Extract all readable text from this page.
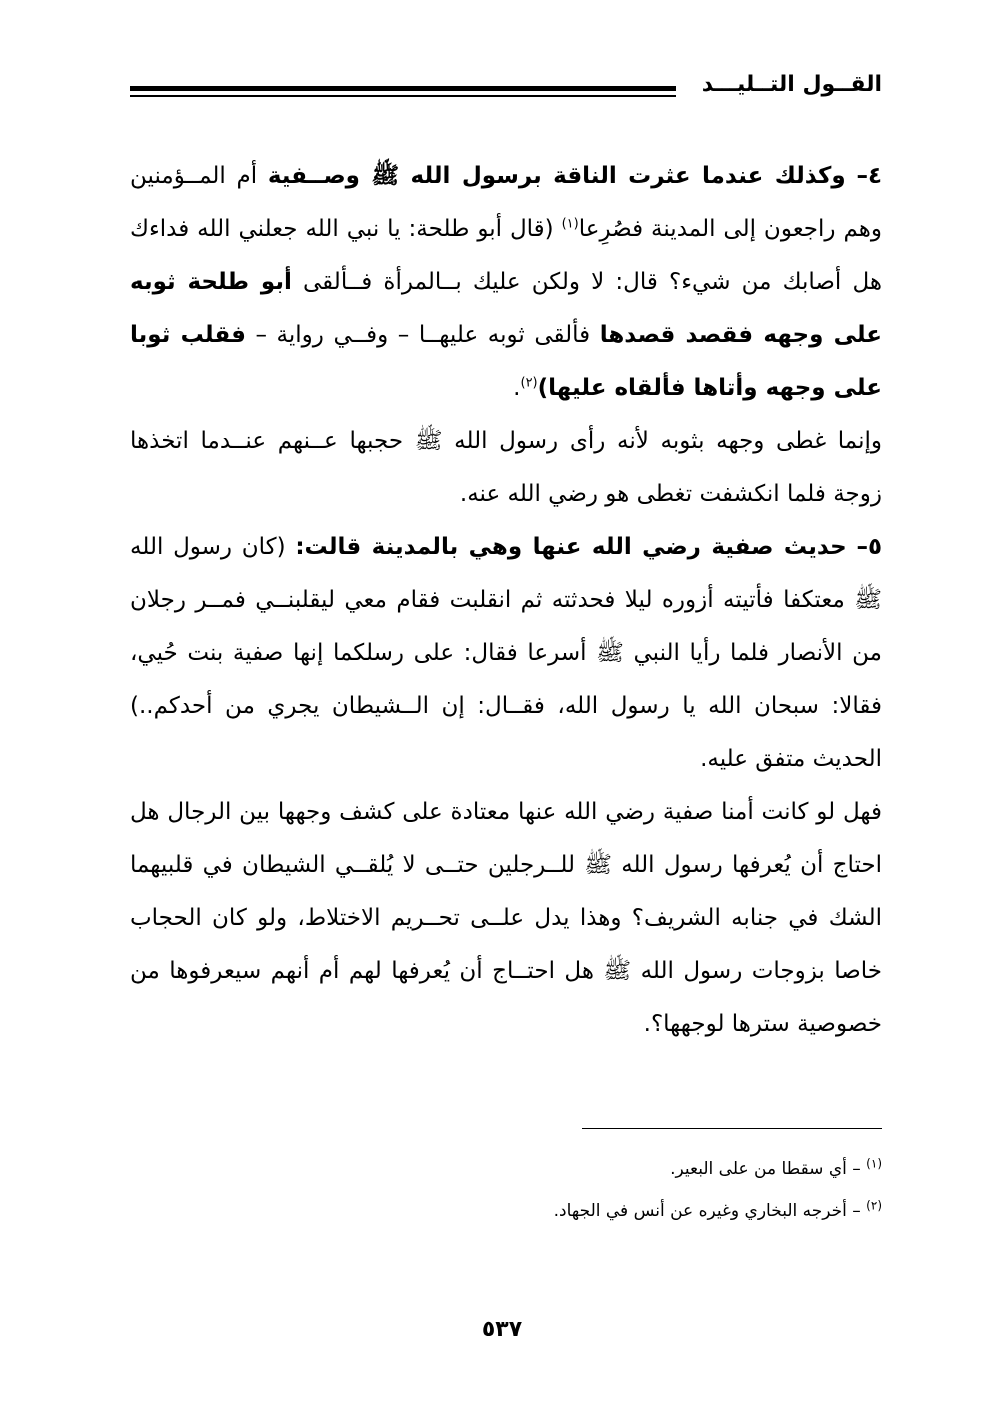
القــول التــليـــد

٤– وكذلك عندما عثرت الناقة برسول الله ﷺ وصــفية أم المــؤمنين وهم راجعون إلى المدينة فصُرِعا$^{(١)}$ (قال أبو طلحة: يا نبي الله جعلني الله فداءك هل أصابك من شيء؟ قال: لا ولكن عليك بــالمرأة فــألقى أبو طلحة ثوبه على وجهه فقصد قصدها فألقى ثوبه عليهــا – وفــي رواية – فقلب ثوبا على وجهه وأتاها فألقاه عليها)$^{(٢)}$.

وإنما غطى وجهه بثوبه لأنه رأى رسول الله ﷺ حجبها عــنهم عنــدما اتخذها زوجة فلما انكشفت تغطى هو رضي الله عنه.

٥– حديث صفية رضي الله عنها وهي بالمدينة قالت: (كان رسول الله ﷺ معتكفا فأتيته أزوره ليلا فحدثته ثم انقلبت فقام معي ليقلبنــي فمــر رجلان من الأنصار فلما رأيا النبي ﷺ أسرعا فقال: على رسلكما إنها صفية بنت حُيي، فقالا: سبحان الله يا رسول الله، فقــال: إن الــشيطان يجري من أحدكم..) الحديث متفق عليه.

فهل لو كانت أمنا صفية رضي الله عنها معتادة على كشف وجهها بين الرجال هل احتاج أن يُعرفها رسول الله ﷺ للــرجلين حتــى لا يُلقــي الشيطان في قلبيهما الشك في جنابه الشريف؟ وهذا يدل علــى تحــريم الاختلاط، ولو كان الحجاب خاصا بزوجات رسول الله ﷺ هل احتــاج أن يُعرفها لهم أم أنهم سيعرفوها من خصوصية سترها لوجهها؟.

$^{(١)}$ – أي سقطا من على البعير.

$^{(٢)}$ – أخرجه البخاري وغيره عن أنس في الجهاد.

٥٣٧
